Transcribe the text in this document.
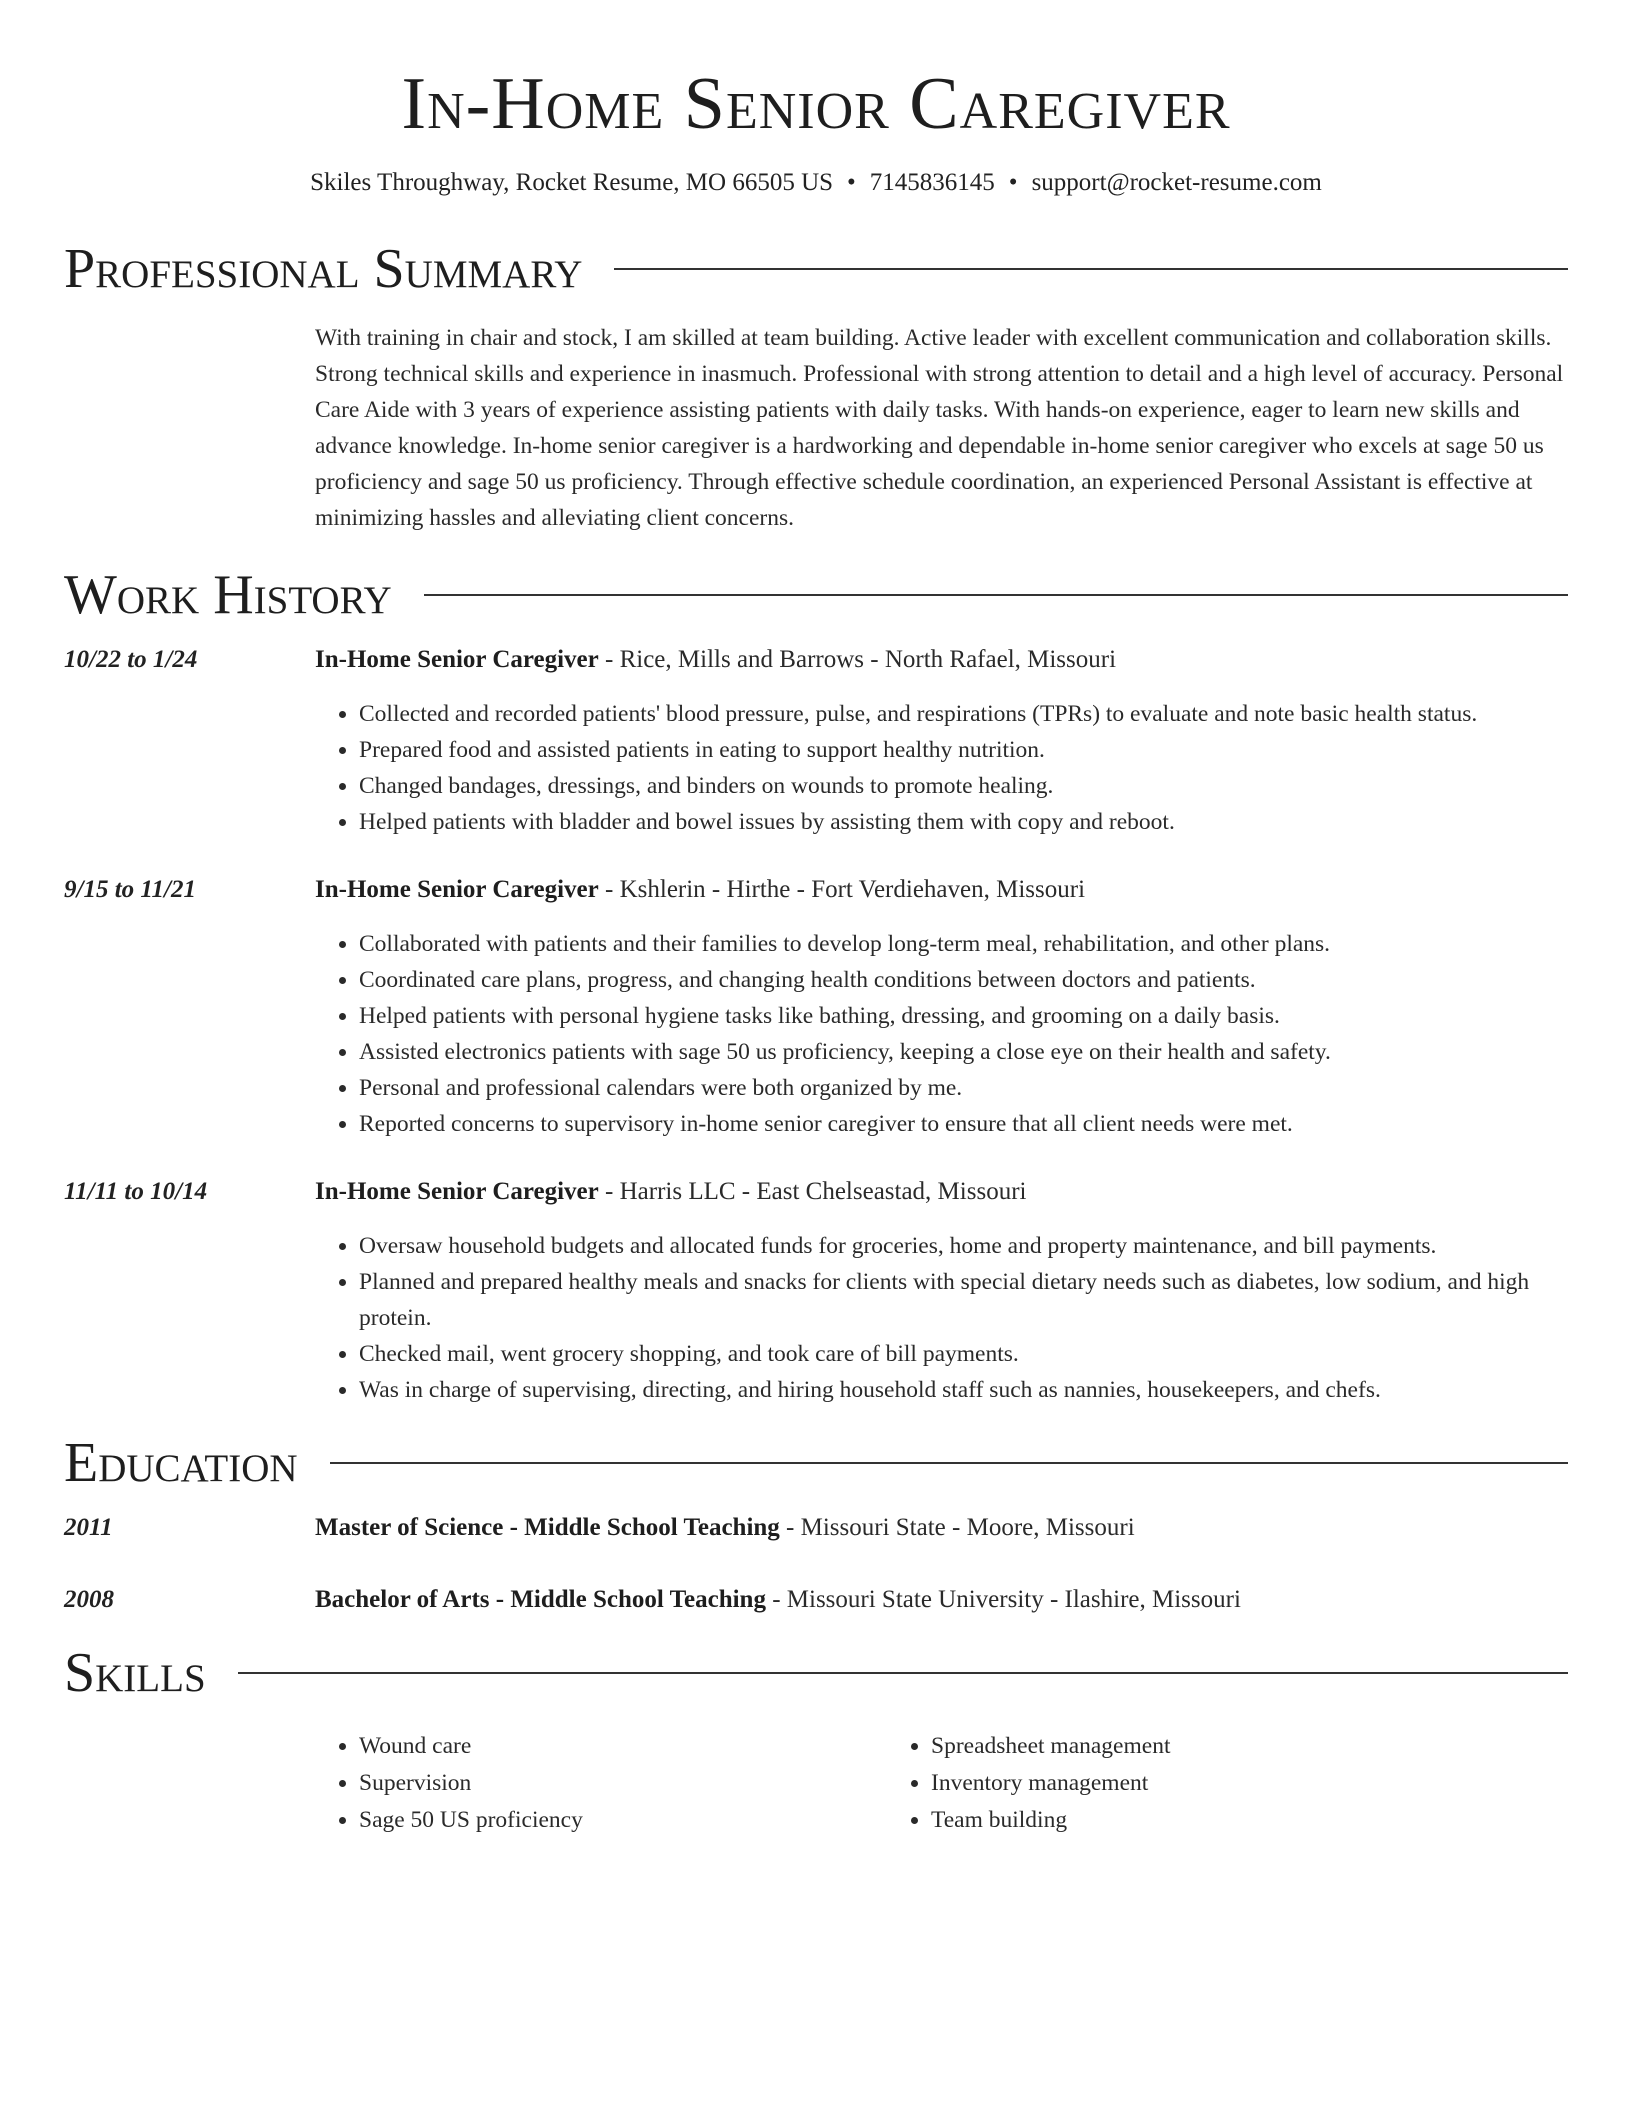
In-Home Senior Caregiver
Skiles Throughway, Rocket Resume, MO 66505 US • 7145836145 • support@rocket-resume.com
Professional Summary

With training in chair and stock, I am skilled at team building. Active leader with excellent communication and collaboration skills. Strong technical skills and experience in inasmuch. Professional with strong attention to detail and a high level of accuracy. Personal Care Aide with 3 years of experience assisting patients with daily tasks. With hands-on experience, eager to learn new skills and advance knowledge. In-home senior caregiver is a hardworking and dependable in-home senior caregiver who excels at sage 50 us proficiency and sage 50 us proficiency. Through effective schedule coordination, an experienced Personal Assistant is effective at minimizing hassles and alleviating client concerns.

Work History
10/22 to 1/24	In-Home Senior Caregiver - Rice, Mills and Barrows - North Rafael, Missouri
• Collected and recorded patients' blood pressure, pulse, and respirations (TPRs) to evaluate and note basic health status.
• Prepared food and assisted patients in eating to support healthy nutrition.
• Changed bandages, dressings, and binders on wounds to promote healing.
• Helped patients with bladder and bowel issues by assisting them with copy and reboot.
9/15 to 11/21	In-Home Senior Caregiver - Kshlerin - Hirthe - Fort Verdiehaven, Missouri
• Collaborated with patients and their families to develop long-term meal, rehabilitation, and other plans.
• Coordinated care plans, progress, and changing health conditions between doctors and patients.
• Helped patients with personal hygiene tasks like bathing, dressing, and grooming on a daily basis.
• Assisted electronics patients with sage 50 us proficiency, keeping a close eye on their health and safety.
• Personal and professional calendars were both organized by me.
• Reported concerns to supervisory in-home senior caregiver to ensure that all client needs were met.
11/11 to 10/14	In-Home Senior Caregiver - Harris LLC - East Chelseastad, Missouri
• Oversaw household budgets and allocated funds for groceries, home and property maintenance, and bill payments.
• Planned and prepared healthy meals and snacks for clients with special dietary needs such as diabetes, low sodium, and high protein.
• Checked mail, went grocery shopping, and took care of bill payments.
• Was in charge of supervising, directing, and hiring household staff such as nannies, housekeepers, and chefs.
Education
2011	Master of Science - Middle School Teaching - Missouri State - Moore, Missouri
2008	Bachelor of Arts - Middle School Teaching - Missouri State University - Ilashire, Missouri
Skills
• Wound care
• Supervision
• Sage 50 US proficiency
• Spreadsheet management
• Inventory management
• Team building
